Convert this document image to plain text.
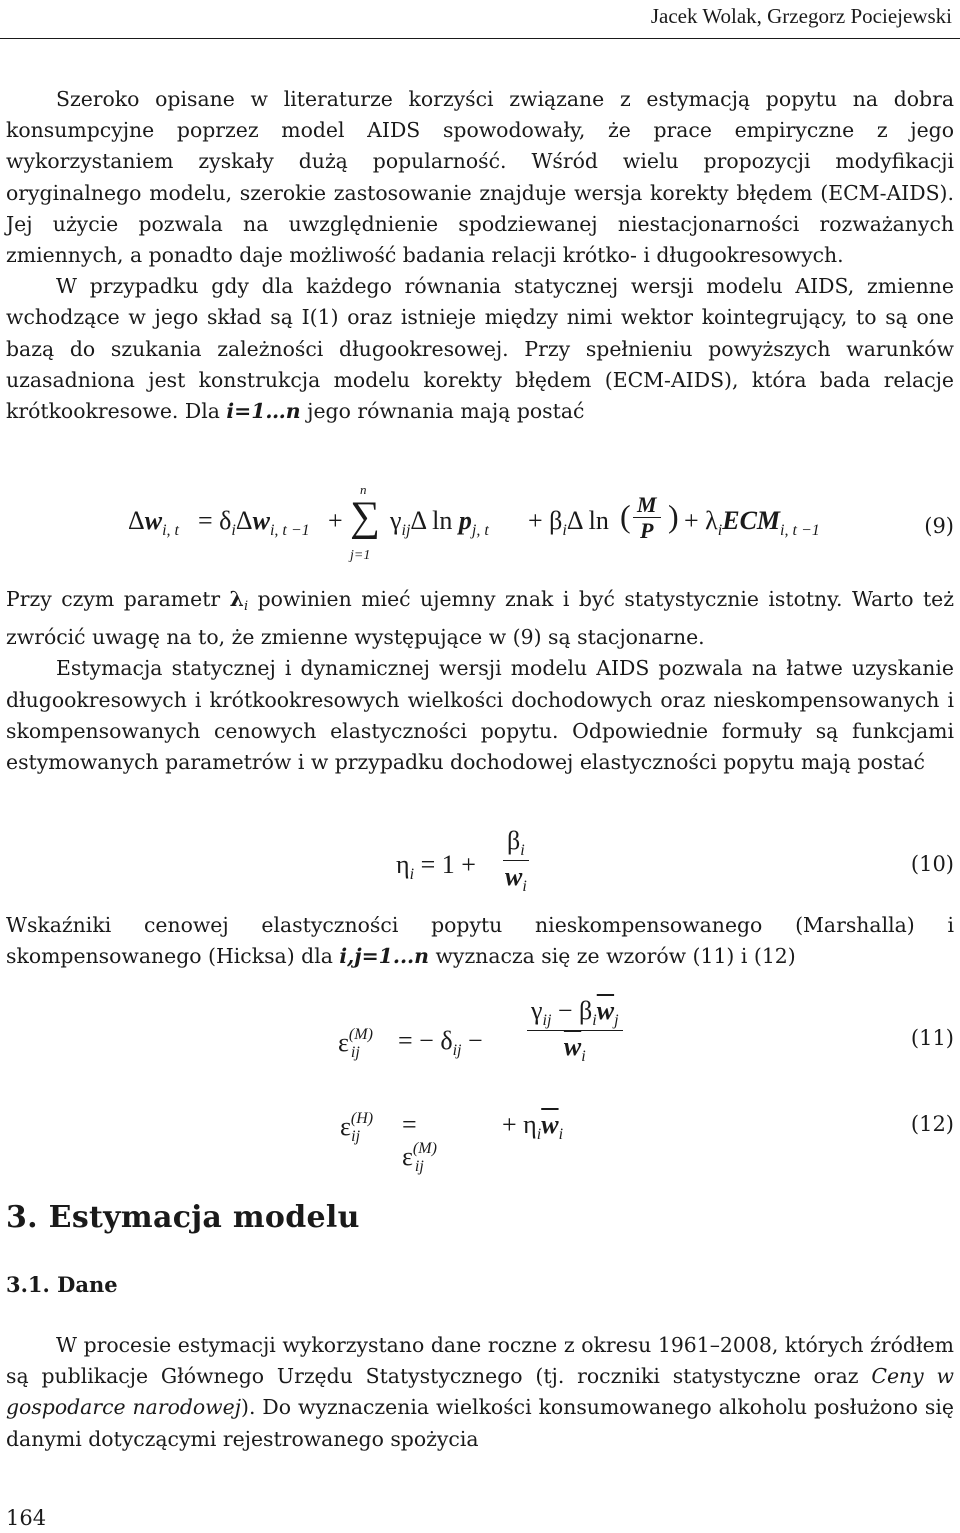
Jacek Wolak, Grzegorz Pociejewski

Szeroko opisane w literaturze korzyści związane z estymacją popytu na dobra konsumpcyjne poprzez model AIDS spowodowały, że prace empiryczne z jego wykorzystaniem zyskały dużą popularność. Wśród wielu propozycji modyfikacji oryginalnego modelu, szerokie zastosowanie znajduje wersja korekty błędem (ECM-AIDS). Jej użycie pozwala na uwzględnienie spodziewanej niestacjonarności rozważanych zmiennych, a ponadto daje możliwość badania relacji krótko- i długookresowych.

W przypadku gdy dla każdego równania statycznej wersji modelu AIDS, zmienne wchodzące w jego skład są I(1) oraz istnieje między nimi wektor kointegrujący, to są one bazą do szukania zależności długookresowej. Przy spełnieniu powyższych warunków uzasadniona jest konstrukcja modelu korekty błędem (ECM-AIDS), która bada relacje krótkookresowe. Dla i=1…n jego równania mają postać

$\Delta w_{i, t} = \delta_i\Delta w_{i, t -1}$ +
n
∑
j=1
$\gamma_{ij}\Delta$ $\ln p_{j, t} + \beta_i\Delta$ ln ( $\frac{M}{P}$ ) + $\lambda_iECM_{i, t -1}$	(9)

Przy czym parametr $\lambda_i$ powinien mieć ujemny znak i być statystycznie istotny. Warto też zwrócić uwagę na to, że zmienne występujące w (9) są stacjonarne.

Estymacja statycznej i dynamicznej wersji modelu AIDS pozwala na łatwe uzyskanie długookresowych i krótkookresowych wielkości dochodowych oraz nieskompensowanych i skompensowanych cenowych elastyczności popytu. Odpowiednie formuły są funkcjami estymowanych parametrów i w przypadku dochodowej elastyczności popytu mają postać

$\eta_i = 1 + \frac{\beta_i}{w_i}$	(10)

Wskaźniki cenowej elastyczności popytu nieskompensowanego (Marshalla) i skompensowanego (Hicksa) dla i,j=1...n wyznacza się ze wzorów (11) i (12)

$\varepsilon^{(M)}_{ij}$ = − $\delta_{ij}$ −
$\gamma_{ij} - \beta_i\overline{w}_j$
$\overline{w}_i$
(11)
$\varepsilon^{(H)}_{ij} = \varepsilon^{(M)}_{ij}$
+ $\eta_i\overline{w}_i$	(12)
3. Estymacja modelu
3.1. Dane

W procesie estymacji wykorzystano dane roczne z okresu 1961–2008, których źródłem są publikacje Głównego Urzędu Statystycznego (tj. roczniki statystyczne oraz Ceny w gospodarce narodowej). Do wyznaczenia wielkości konsumowanego alkoholu posłużono się danymi dotyczącymi rejestrowanego spożycia

164
